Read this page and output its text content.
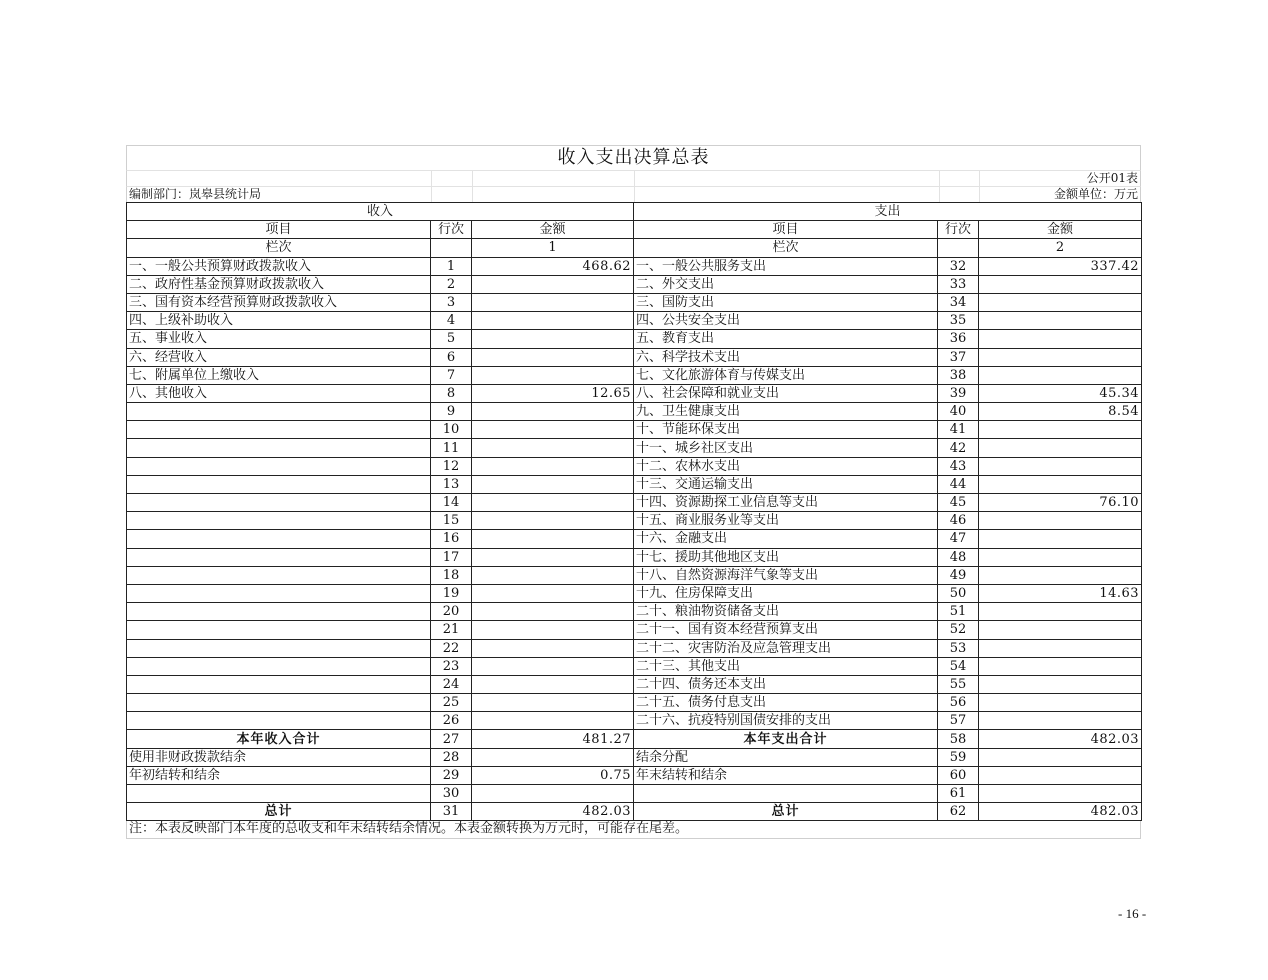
收入支出决算总表
公开01表
编制部门：岚皋县统计局	金额单位：万元
收入			支出		
项目	行次	金额	项目	行次	金额
栏次		1	栏次		2
一、一般公共预算财政拨款收入	1	468.62	一、一般公共服务支出	32	337.42
二、政府性基金预算财政拨款收入	2		二、外交支出	33	
三、国有资本经营预算财政拨款收入	3		三、国防支出	34	
四、上级补助收入	4		四、公共安全支出	35	
五、事业收入	5		五、教育支出	36	
六、经营收入	6		六、科学技术支出	37	
七、附属单位上缴收入	7		七、文化旅游体育与传媒支出	38	
八、其他收入	8	12.65	八、社会保障和就业支出	39	45.34
	9		九、卫生健康支出	40	8.54
	10		十、节能环保支出	41	
	11		十一、城乡社区支出	42	
	12		十二、农林水支出	43	
	13		十三、交通运输支出	44	
	14		十四、资源勘探工业信息等支出	45	76.10
	15		十五、商业服务业等支出	46	
	16		十六、金融支出	47	
	17		十七、援助其他地区支出	48	
	18		十八、自然资源海洋气象等支出	49	
	19		十九、住房保障支出	50	14.63
	20		二十、粮油物资储备支出	51	
	21		二十一、国有资本经营预算支出	52	
	22		二十二、灾害防治及应急管理支出	53	
	23		二十三、其他支出	54	
	24		二十四、债务还本支出	55	
	25		二十五、债务付息支出	56	
	26		二十六、抗疫特别国债安排的支出	57	
本年收入合计	27	481.27	本年支出合计	58	482.03
使用非财政拨款结余	28		结余分配	59	
年初结转和结余	29	0.75	年末结转和结余	60	
	30			61	
总计	31	482.03	总计	62	482.03
注：本表反映部门本年度的总收支和年末结转结余情况。本表金额转换为万元时，可能存在尾差。
- 16 -
